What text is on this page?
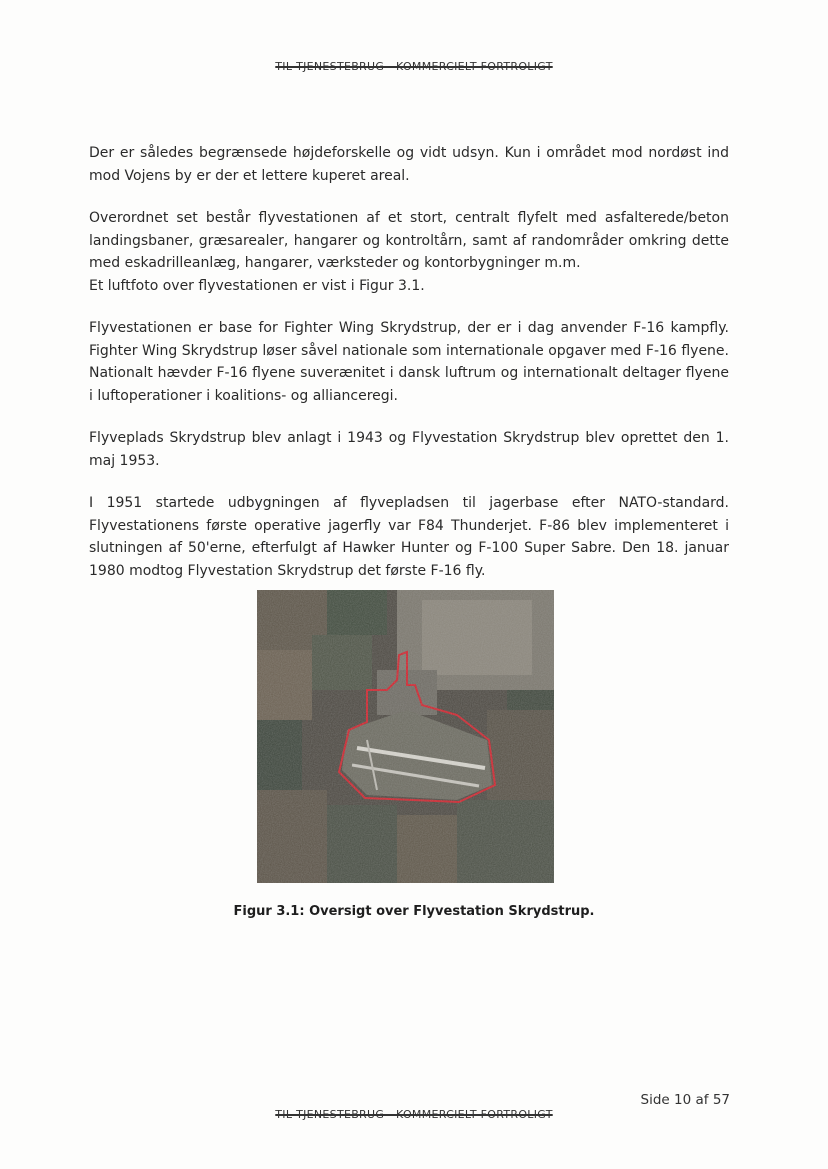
TIL TJENESTEBRUG - KOMMERCIELT FORTROLIGT

Der er således begrænsede højdeforskelle og vidt udsyn. Kun i området mod nordøst ind mod Vojens by er der et lettere kuperet areal.

Overordnet set består flyvestationen af et stort, centralt flyfelt med asfalterede/beton landingsbaner, græsarealer, hangarer og kontroltårn, samt af randområder omkring dette med eskadrilleanlæg, hangarer, værksteder og kontorbygninger m.m.
Et luftfoto over flyvestationen er vist i Figur 3.1.

Flyvestationen er base for Fighter Wing Skrydstrup, der er i dag anvender F-16 kampfly. Fighter Wing Skrydstrup løser såvel nationale som internationale opgaver med F-16 flyene. Nationalt hævder F-16 flyene suverænitet i dansk luftrum og internationalt deltager flyene i luftoperationer i koalitions- og allianceregi.

Flyveplads Skrydstrup blev anlagt i 1943 og Flyvestation Skrydstrup blev oprettet den 1. maj 1953.

I 1951 startede udbygningen af flyvepladsen til jagerbase efter NATO-standard. Flyvestationens første operative jagerfly var F84 Thunderjet. F-86 blev implementeret i slutningen af 50'erne, efterfulgt af Hawker Hunter og F-100 Super Sabre. Den 18. januar 1980 modtog Flyvestation Skrydstrup det første F-16 fly.

Figur 3.1: Oversigt over Flyvestation Skrydstrup.
Side 10 af 57
TIL TJENESTEBRUG - KOMMERCIELT FORTROLIGT
